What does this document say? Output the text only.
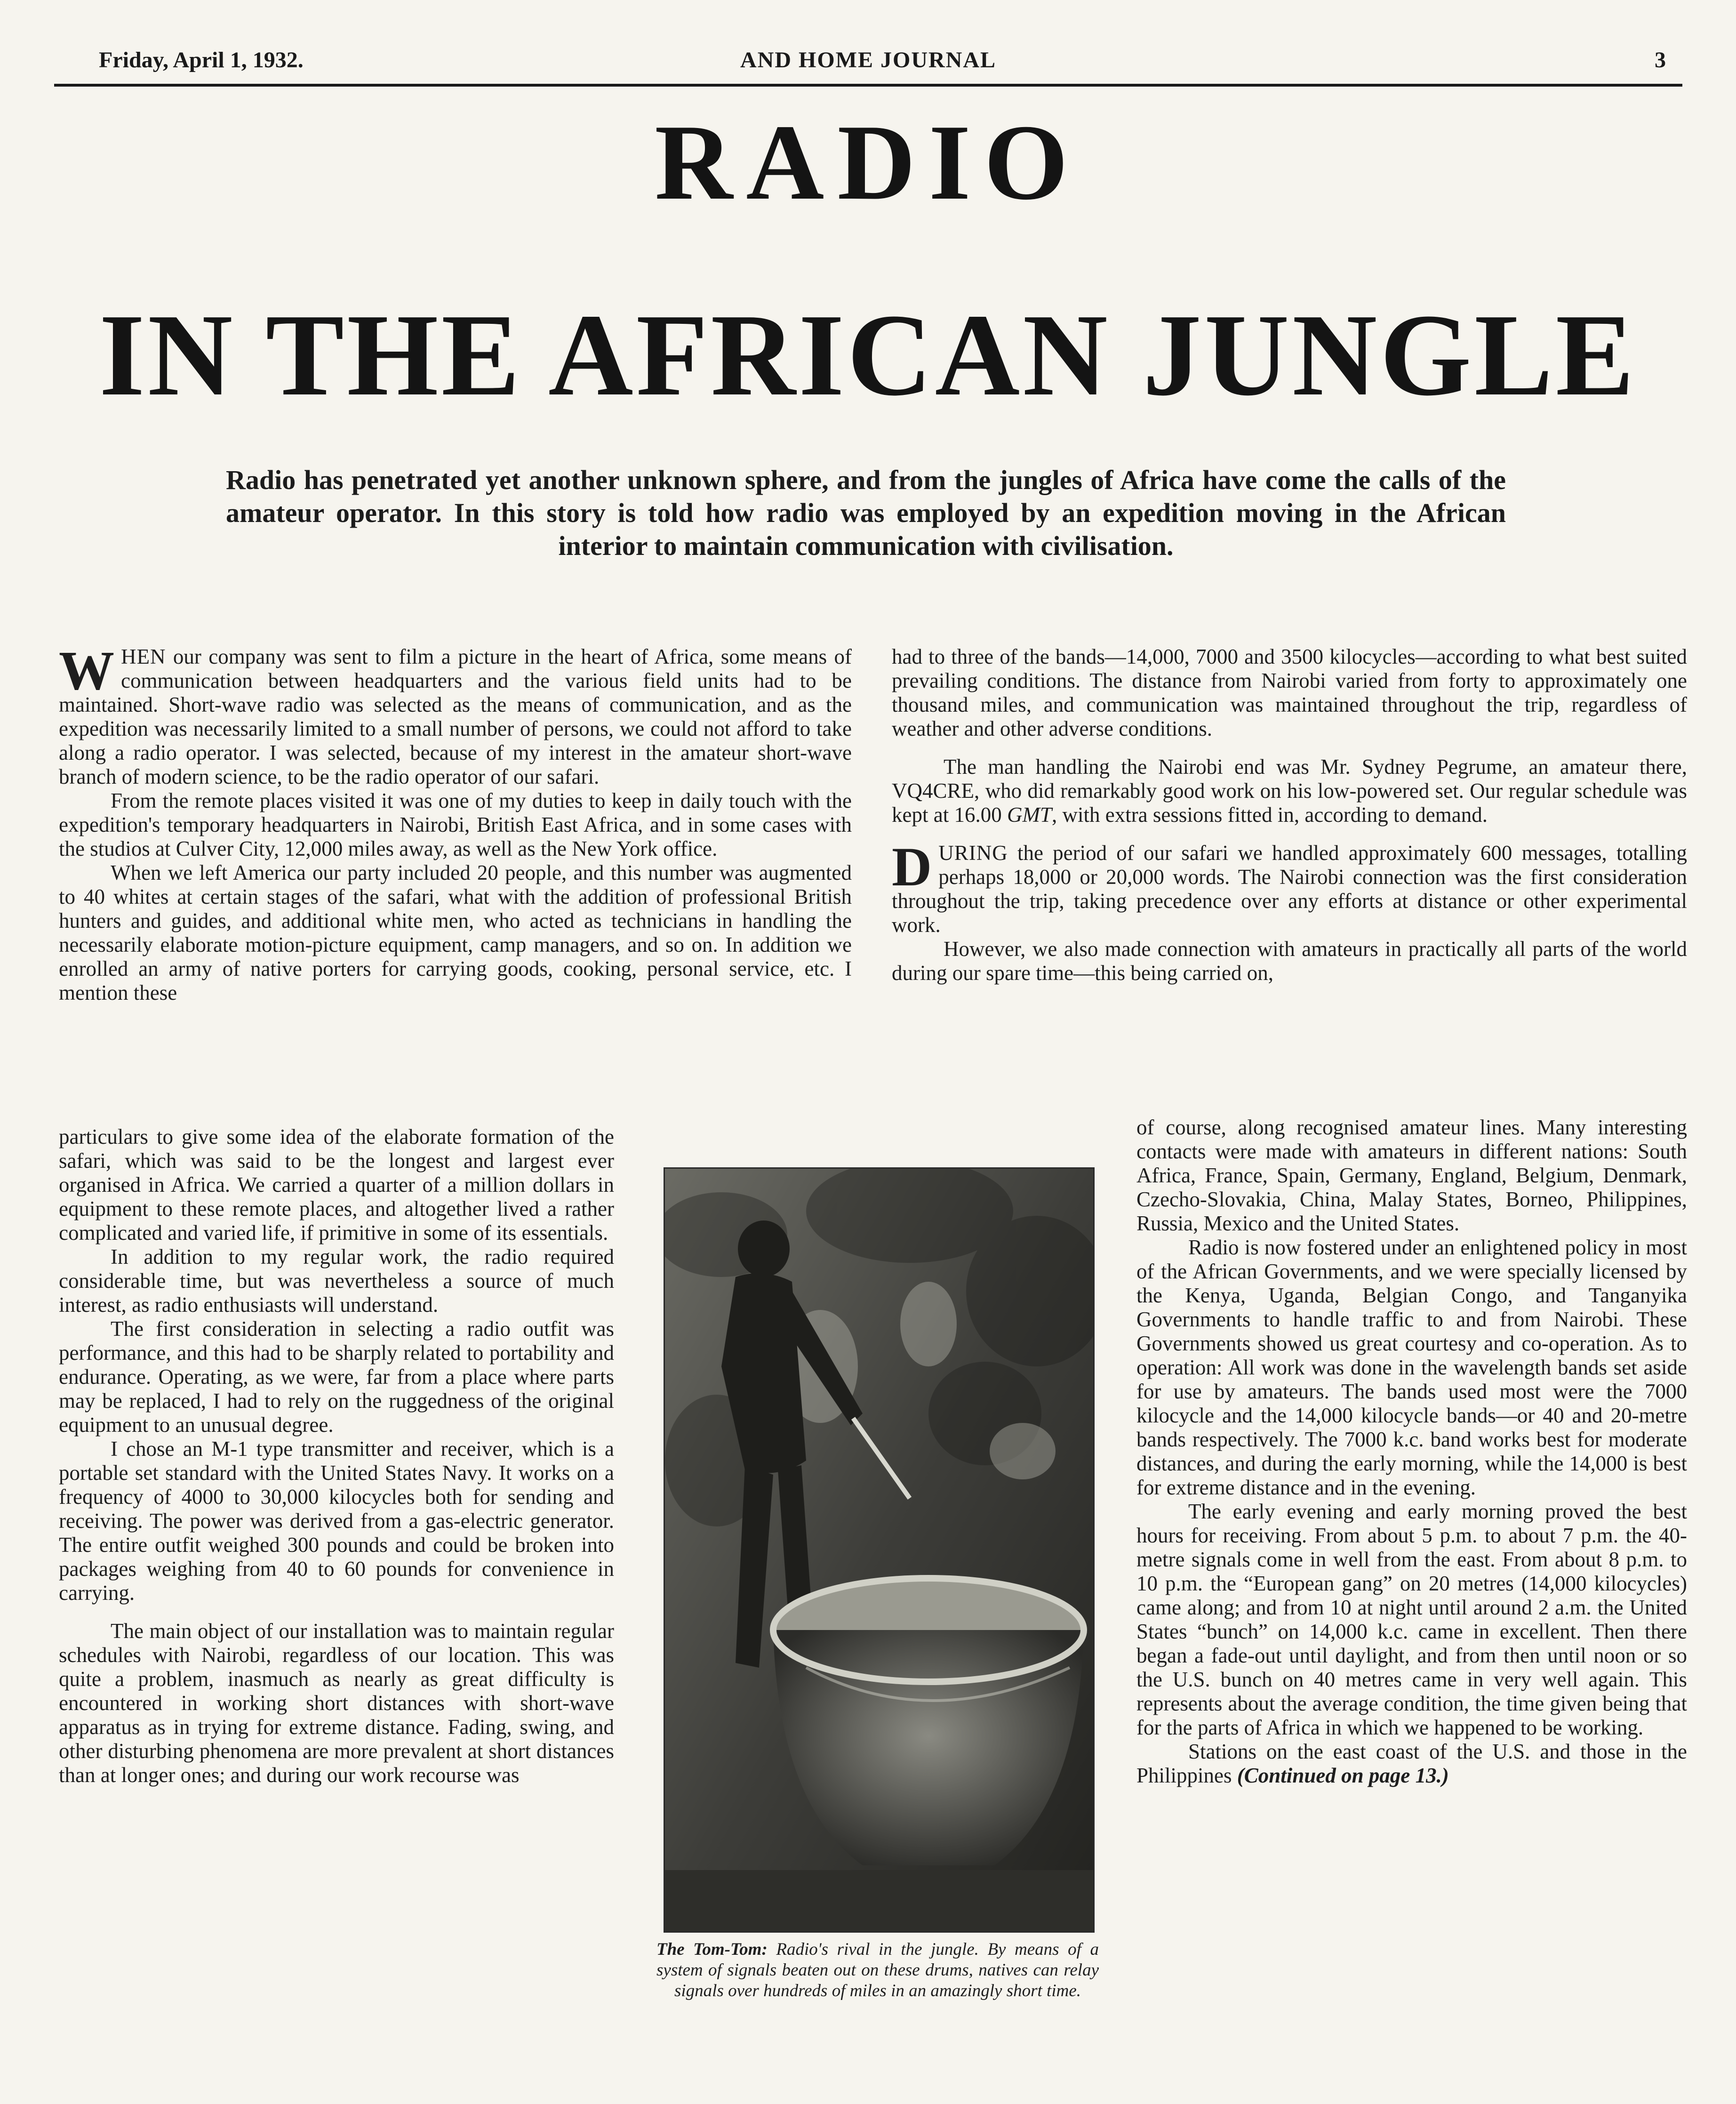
Friday, April 1, 1932.	AND HOME JOURNAL	3
RADIO
IN THE AFRICAN JUNGLE
Radio has penetrated yet another unknown sphere, and from the jungles of Africa have come the calls of the amateur operator. In this story is told how radio was employed by an expedition moving in the African interior to maintain communication with civilisation.

WHEN our company was sent to film a picture in the heart of Africa, some means of communication between headquarters and the various field units had to be maintained. Short-wave radio was selected as the means of communication, and as the expedition was necessarily limited to a small number of persons, we could not afford to take along a radio operator. I was selected, because of my interest in the amateur short-wave branch of modern science, to be the radio operator of our safari.

From the remote places visited it was one of my duties to keep in daily touch with the expedition's temporary headquarters in Nairobi, British East Africa, and in some cases with the studios at Culver City, 12,000 miles away, as well as the New York office.

When we left America our party included 20 people, and this number was augmented to 40 whites at certain stages of the safari, what with the addition of professional British hunters and guides, and additional white men, who acted as technicians in handling the necessarily elaborate motion-picture equipment, camp managers, and so on. In addition we enrolled an army of native porters for carrying goods, cooking, personal service, etc. I mention these

particulars to give some idea of the elaborate formation of the safari, which was said to be the longest and largest ever organised in Africa. We carried a quarter of a million dollars in equipment to these remote places, and altogether lived a rather complicated and varied life, if primitive in some of its essentials.

In addition to my regular work, the radio required considerable time, but was nevertheless a source of much interest, as radio enthusiasts will understand.

The first consideration in selecting a radio outfit was performance, and this had to be sharply related to portability and endurance. Operating, as we were, far from a place where parts may be replaced, I had to rely on the ruggedness of the original equipment to an unusual degree.

I chose an M-1 type transmitter and receiver, which is a portable set standard with the United States Navy. It works on a frequency of 4000 to 30,000 kilocycles both for sending and receiving. The power was derived from a gas-electric generator. The entire outfit weighed 300 pounds and could be broken into packages weighing from 40 to 60 pounds for convenience in carrying.

The main object of our installation was to maintain regular schedules with Nairobi, regardless of our location. This was quite a problem, inasmuch as nearly as great difficulty is encountered in working short distances with short-wave apparatus as in trying for extreme distance. Fading, swing, and other disturbing phenomena are more prevalent at short distances than at longer ones; and during our work recourse was

had to three of the bands—14,000, 7000 and 3500 kilocycles—according to what best suited prevailing conditions. The distance from Nairobi varied from forty to approximately one thousand miles, and communication was maintained throughout the trip, regardless of weather and other adverse conditions.

The man handling the Nairobi end was Mr. Sydney Pegrume, an amateur there, VQ4CRE, who did remarkably good work on his low-powered set. Our regular schedule was kept at 16.00 GMT, with extra sessions fitted in, according to demand.

DURING the period of our safari we handled approximately 600 messages, totalling perhaps 18,000 or 20,000 words. The Nairobi connection was the first consideration throughout the trip, taking precedence over any efforts at distance or other experimental work.

However, we also made connection with amateurs in practically all parts of the world during our spare time—this being carried on,

of course, along recognised amateur lines. Many interesting contacts were made with amateurs in different nations: South Africa, France, Spain, Germany, England, Belgium, Denmark, Czecho-Slovakia, China, Malay States, Borneo, Philippines, Russia, Mexico and the United States.

Radio is now fostered under an enlightened policy in most of the African Governments, and we were specially licensed by the Kenya, Uganda, Belgian Congo, and Tanganyika Governments to handle traffic to and from Nairobi. These Governments showed us great courtesy and co-operation. As to operation: All work was done in the wavelength bands set aside for use by amateurs. The bands used most were the 7000 kilocycle and the 14,000 kilocycle bands—or 40 and 20-metre bands respectively. The 7000 k.c. band works best for moderate distances, and during the early morning, while the 14,000 is best for extreme distance and in the evening.

The early evening and early morning proved the best hours for receiving. From about 5 p.m. to about 7 p.m. the 40-metre signals come in well from the east. From about 8 p.m. to 10 p.m. the “European gang” on 20 metres (14,000 kilocycles) came along; and from 10 at night until around 2 a.m. the United States “bunch” on 14,000 k.c. came in excellent. Then there began a fade-out until daylight, and from then until noon or so the U.S. bunch on 40 metres came in very well again. This represents about the average condition, the time given being that for the parts of Africa in which we happened to be working.

Stations on the east coast of the U.S. and those in the Philippines (Continued on page 13.)

The Tom-Tom: Radio's rival in the jungle. By means of a system of signals beaten out on these drums, natives can relay signals over hundreds of miles in an amazingly short time.
